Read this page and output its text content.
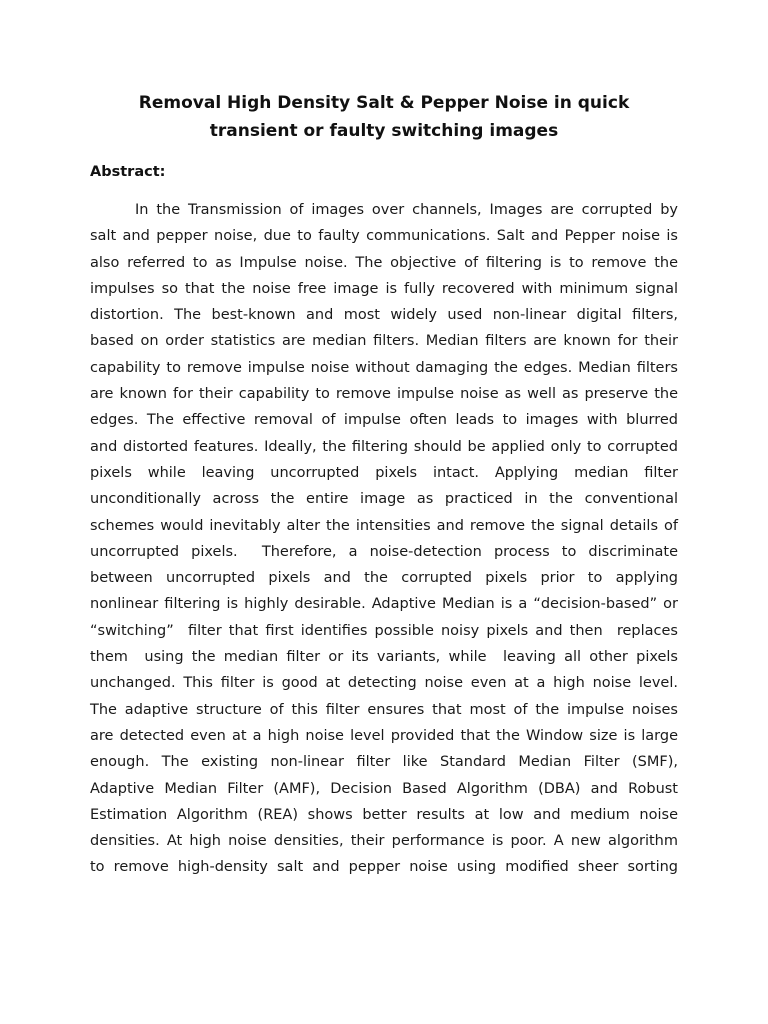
Removal High Density Salt & Pepper Noise in quick
transient or faulty switching images
Abstract:
In the Transmission of images over channels, Images are corrupted by
salt and pepper noise, due to faulty communications. Salt and Pepper noise is
also referred to as Impulse noise. The objective of filtering is to remove the
impulses so that the noise free image is fully recovered with minimum signal
distortion. The best-known and most widely used non-linear digital filters,
based on order statistics are median filters. Median filters are known for their
capability to remove impulse noise without damaging the edges. Median filters
are known for their capability to remove impulse noise as well as preserve the
edges. The effective removal of impulse often leads to images with blurred
and distorted features. Ideally, the filtering should be applied only to corrupted
pixels while leaving uncorrupted pixels intact. Applying median filter
unconditionally across the entire image as practiced in the conventional
schemes would inevitably alter the intensities and remove the signal details of
uncorrupted pixels.  Therefore, a noise-detection process to discriminate
between uncorrupted pixels and the corrupted pixels prior to applying
nonlinear filtering is highly desirable. Adaptive Median is a “decision-based” or
“switching”  filter that first identifies possible noisy pixels and then  replaces
them  using the median filter or its variants, while  leaving all other pixels
unchanged. This filter is good at detecting noise even at a high noise level.
The adaptive structure of this filter ensures that most of the impulse noises
are detected even at a high noise level provided that the Window size is large
enough. The existing non-linear filter like Standard Median Filter (SMF),
Adaptive Median Filter (AMF), Decision Based Algorithm (DBA) and Robust
Estimation Algorithm (REA) shows better results at low and medium noise
densities. At high noise densities, their performance is poor. A new algorithm
to remove high-density salt and pepper noise using modified sheer sorting
